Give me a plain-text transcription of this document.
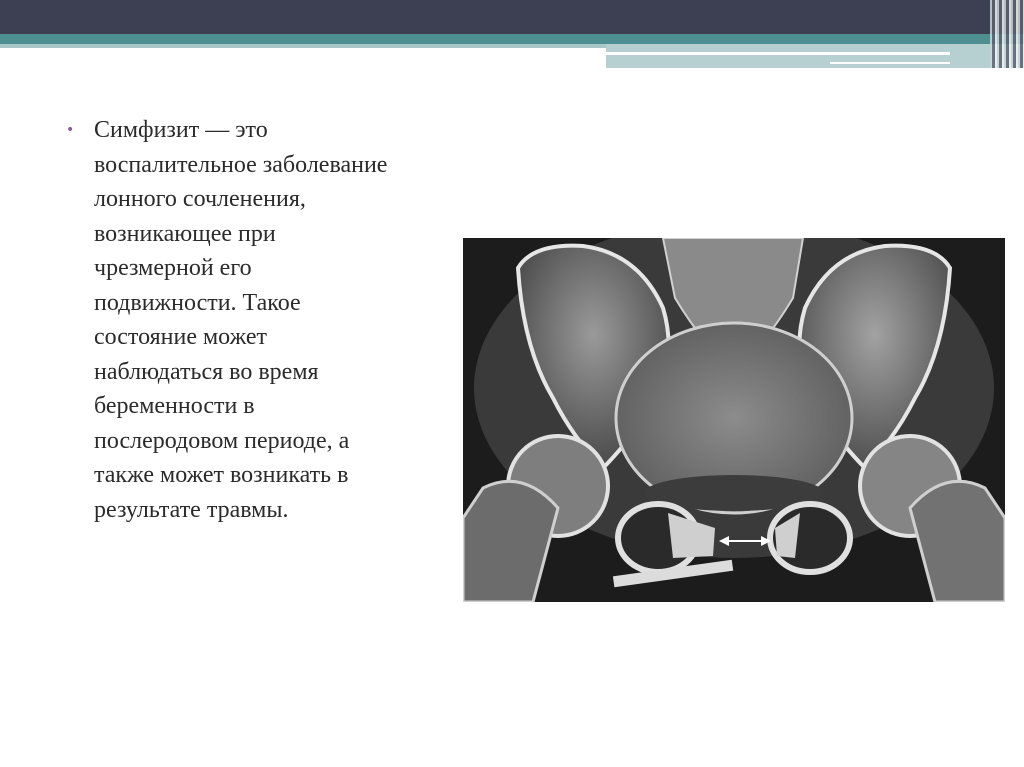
• Симфизит — это
воспалительное заболевание
лонного сочленения,
возникающее при
чрезмерной его
подвижности. Такое
состояние может
наблюдаться во время
беременности в
послеродовом периоде, а
также может возникать в
результате травмы.
